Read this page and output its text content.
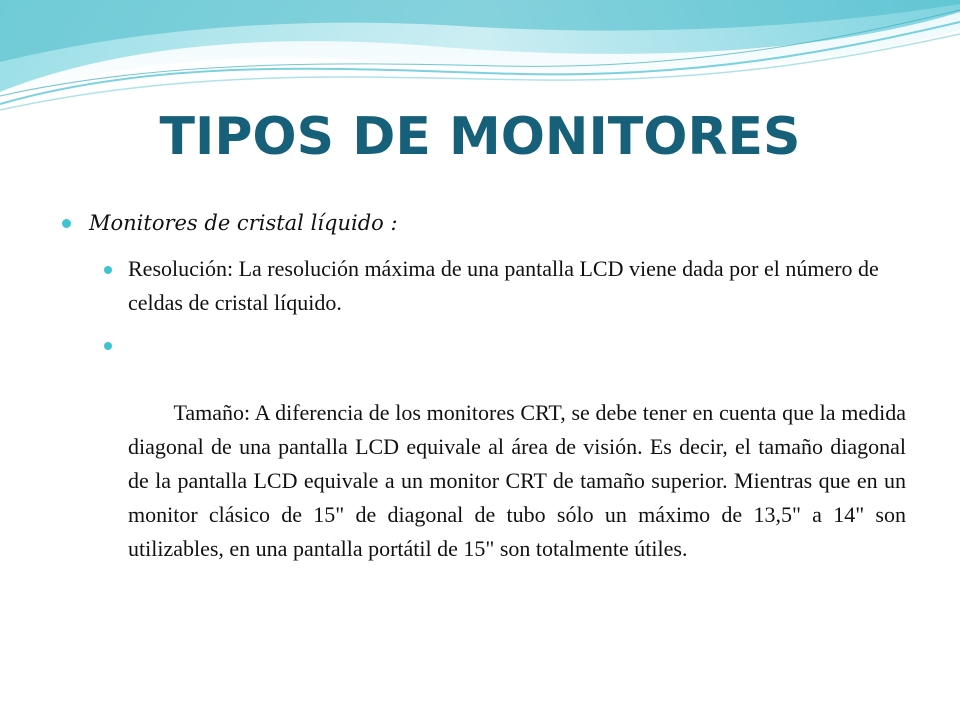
TIPOS DE MONITORES
Monitores de cristal líquido :
Resolución: La resolución máxima de una pantalla LCD viene dada por el número de celdas de cristal líquido.

Tamaño: A diferencia de los monitores CRT, se debe tener en cuenta que la medida diagonal de una pantalla LCD equivale al área de visión. Es decir, el tamaño diagonal de la pantalla LCD equivale a un monitor CRT de tamaño superior. Mientras que en un monitor clásico de 15" de diagonal de tubo sólo un máximo de 13,5" a 14" son utilizables, en una pantalla portátil de 15" son totalmente útiles.
